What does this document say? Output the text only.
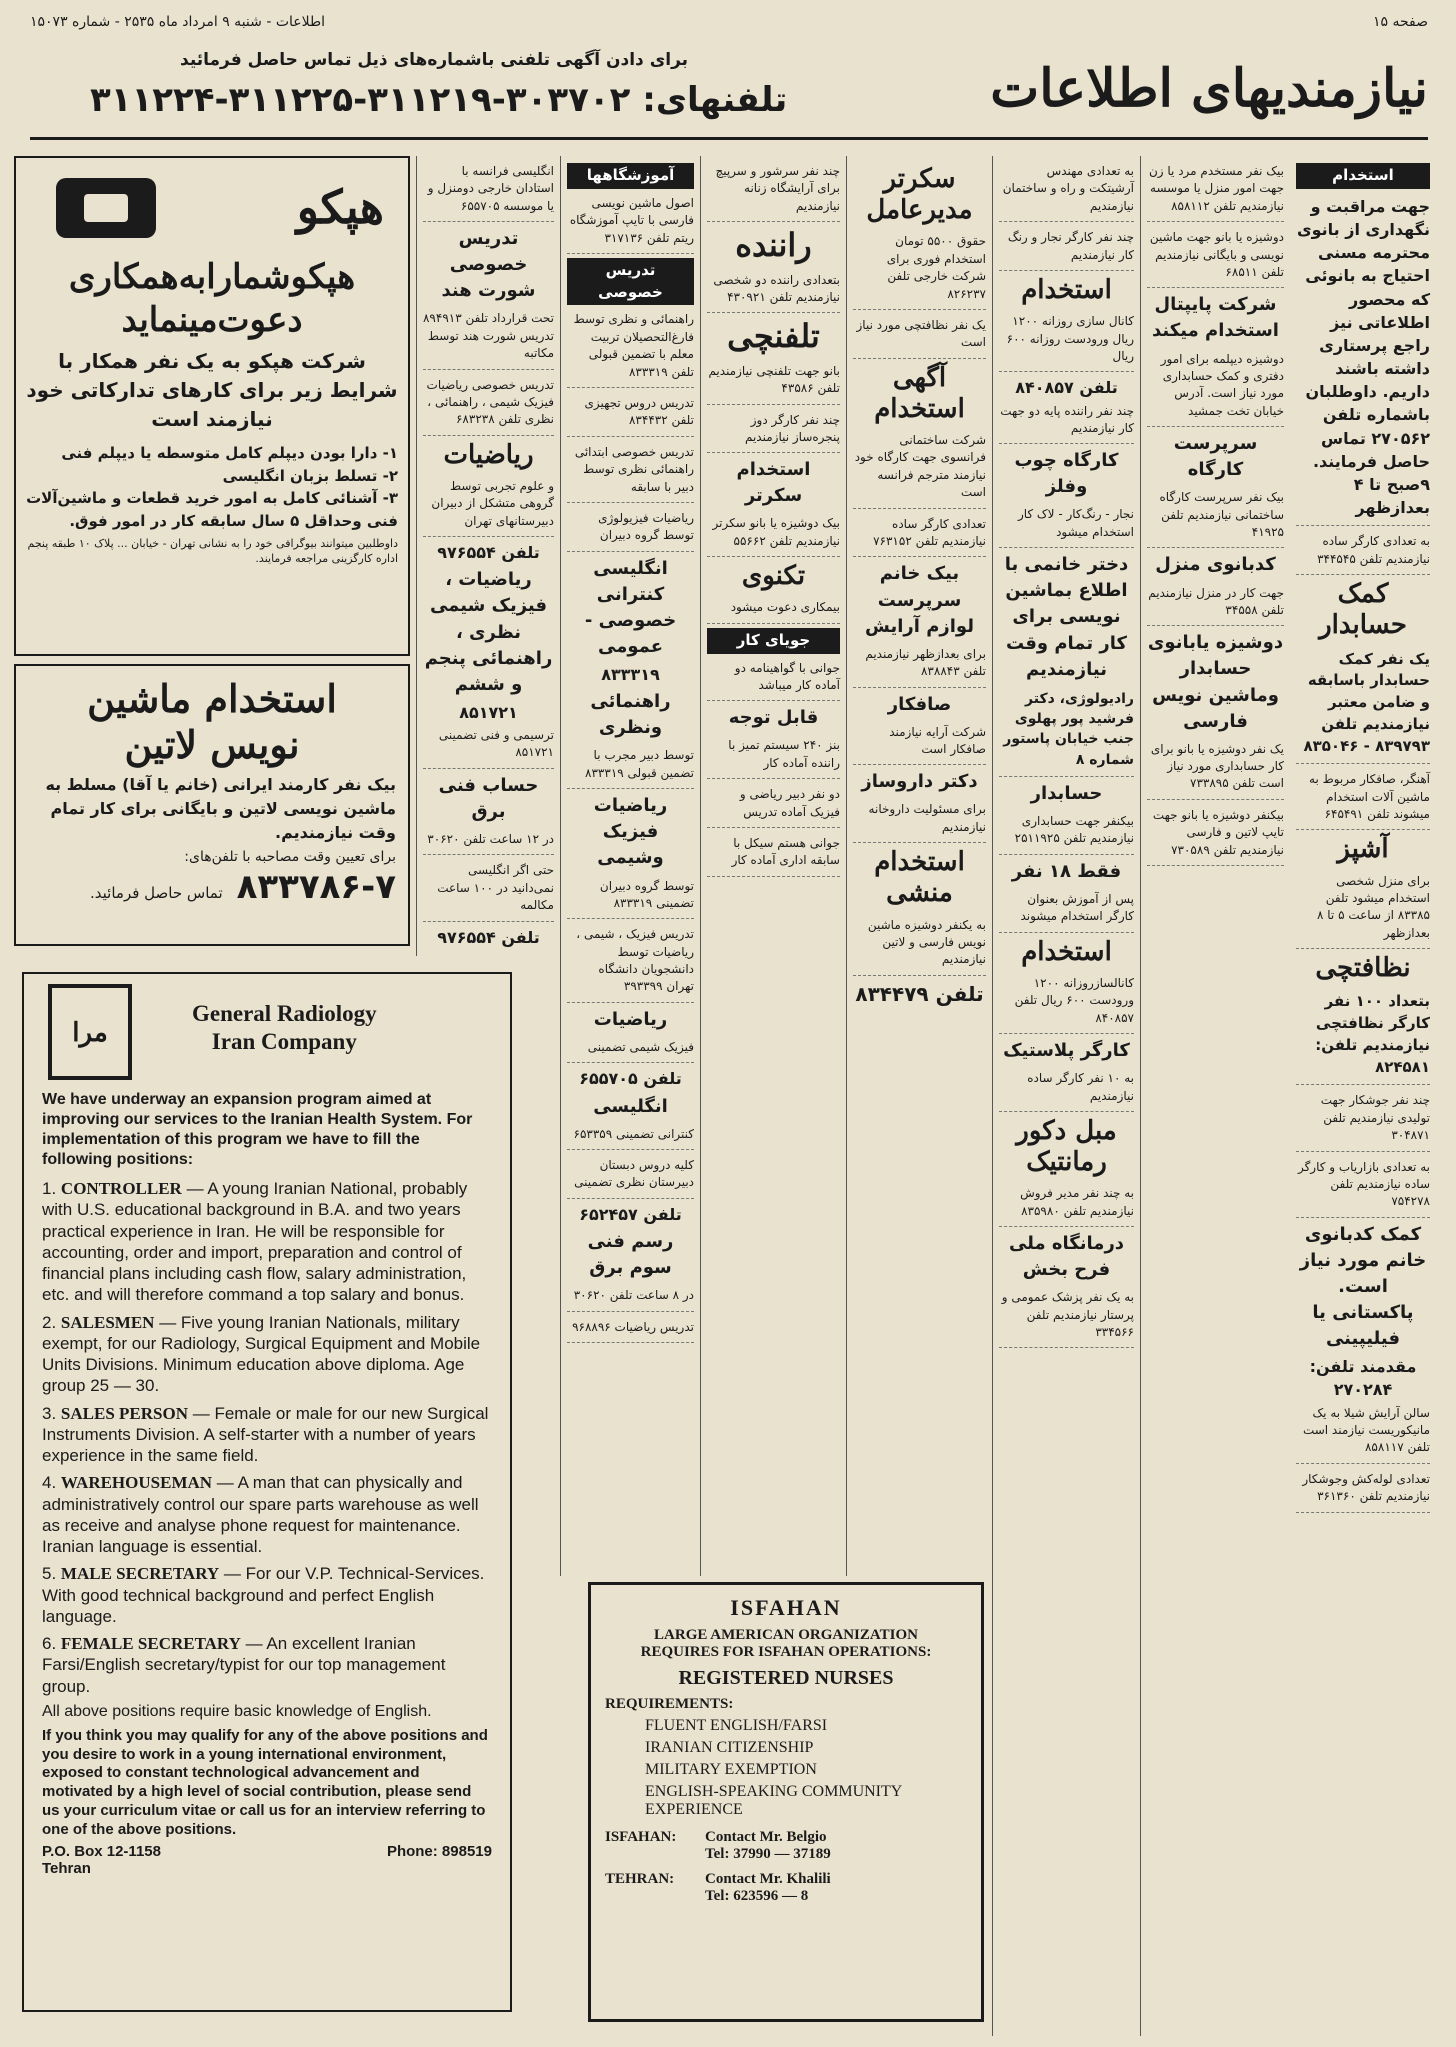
صفحه ۱۵
اطلاعات - شنبه ۹ امرداد ماه ۲۵۳۵ - شماره ۱۵۰۷۳
نیازمندیهای اطلاعات
برای دادن آگهی تلفنی باشماره‌های ذیل تماس حاصل فرمائید
تلفنهای: ۳۰۳۷۰۲-۳۱۱۲۱۹-۳۱۱۲۲۵-۳۱۱۲۲۴
هپکو
هپکوشمارابه‌همکاری
دعوت‌مینماید
شرکت هپکو به یک نفر همکار با شرایط زیر برای کارهای تدارکاتی خود نیازمند است
۱- دارا بودن دیپلم کامل متوسطه یا دیپلم فنی
۲- تسلط بزبان انگلیسی
۳- آشنائی کامل به امور خرید قطعات و ماشین‌آلات فنی وحداقل ۵ سال سابقه کار در امور فوق.
داوطلبین میتوانند بیوگرافی خود را به نشانی تهران - خیابان ... پلاک ۱۰ طبقه پنجم اداره کارگزینی مراجعه فرمایند.
استخدام ماشین
نویس لاتین
بیک نفر کارمند ایرانی (خانم یا آقا) مسلط به ماشین نویسی لاتین و بایگانی برای کار تمام وقت نیازمندیم.
برای تعیین وقت مصاحبه با تلفن‌های:
۸۳۳۷۸۶-۷
تماس حاصل فرمائید.
مرا
General Radiology
Iran Company
We have underway an expansion program aimed at improving our services to the Iranian Health System. For implementation of this program we have to fill the following positions:
1. CONTROLLER — A young Iranian National, probably with U.S. educational background in B.A. and two years practical experience in Iran. He will be responsible for accounting, order and import, preparation and control of financial plans including cash flow, salary administration, etc. and will therefore command a top salary and bonus.
2. SALESMEN — Five young Iranian Nationals, military exempt, for our Radiology, Surgical Equipment and Mobile Units Divisions. Minimum education above diploma. Age group 25 — 30.
3. SALES PERSON — Female or male for our new Surgical Instruments Division. A self-starter with a number of years experience in the same field.
4. WAREHOUSEMAN — A man that can physically and administratively control our spare parts warehouse as well as receive and analyse phone request for maintenance. Iranian language is essential.
5. MALE SECRETARY — For our V.P. Technical-Services. With good technical background and perfect English language.
6. FEMALE SECRETARY — An excellent Iranian Farsi/English secretary/typist for our top management group.
All above positions require basic knowledge of English.
If you think you may qualify for any of the above positions and you desire to work in a young international environment, exposed to constant technological advancement and motivated by a high level of social contribution, please send us your curriculum vitae or call us for an interview referring to one of the above positions.
P.O. Box 12-1158	Phone: 898519
Tehran
ISFAHAN
LARGE AMERICAN ORGANIZATION
REQUIRES FOR ISFAHAN OPERATIONS:
REGISTERED NURSES
REQUIREMENTS:
FLUENT ENGLISH/FARSI
IRANIAN CITIZENSHIP
MILITARY EXEMPTION
ENGLISH-SPEAKING COMMUNITY EXPERIENCE
ISFAHAN:	Contact Mr. Belgio
Tel: 37990 — 37189
TEHRAN:	Contact Mr. Khalili
Tel: 623596 — 8
استخدام
جهت مراقبت و نگهداری از بانوی محترمه مسنی احتیاج به بانوئی که محصور اطلاعاتی نیز راجع پرستاری داشته باشند داریم. داوطلبان باشماره تلفن ۲۷۰۵۶۲ تماس حاصل فرمایند. ۹صبح تا ۴ بعدازظهر
به تعدادی کارگر ساده نیازمندیم تلفن ۳۴۴۵۴۵
کمک حسابدار
یک نفر کمک حسابدار باسابقه و ضامن معتبر نیازمندیم تلفن ۸۳۹۷۹۳ - ۸۳۵۰۴۶
آهنگر، صافکار مربوط به ماشین آلات استخدام میشوند تلفن ۶۴۵۴۹۱
آشپز
برای منزل شخصی استخدام میشود تلفن ۸۳۳۸۵ از ساعت ۵ تا ۸ بعدازظهر
نظافتچی
بتعداد ۱۰۰ نفر کارگر نظافتچی نیازمندیم تلفن: ۸۲۴۵۸۱
چند نفر جوشکار جهت تولیدی نیازمندیم تلفن ۳۰۴۸۷۱
به تعدادی بازاریاب و کارگر ساده نیازمندیم تلفن ۷۵۴۲۷۸
کمک کدبانوی خانم مورد نیاز است. پاکستانی یا فیلیپینی
مقدمند تلفن: ۲۷۰۲۸۴
سالن آرایش شیلا به یک مانیکوریست نیازمند است تلفن ۸۵۸۱۱۷
تعدادی لوله‌کش وجوشکار نیازمندیم تلفن ۳۶۱۳۶۰
بیک نفر مستخدم مرد یا زن جهت امور منزل یا موسسه نیازمندیم تلفن ۸۵۸۱۱۲
دوشیزه یا بانو جهت ماشین نویسی و بایگانی نیازمندیم تلفن ۶۸۵۱۱
شرکت پایپتال استخدام میکند
دوشیزه دیپلمه برای امور دفتری و کمک حسابداری مورد نیاز است. آدرس خیابان تخت جمشید
سرپرست کارگاه
بیک نفر سرپرست کارگاه ساختمانی نیازمندیم تلفن ۴۱۹۲۵
کدبانوی منزل
جهت کار در منزل نیازمندیم تلفن ۳۴۵۵۸
دوشیزه یابانوی حسابدار وماشین نویس فارسی
یک نفر دوشیزه یا بانو برای کار حسابداری مورد نیاز است تلفن ۷۳۳۸۹۵
بیکنفر دوشیزه یا بانو جهت تایپ لاتین و فارسی نیازمندیم تلفن ۷۳۰۵۸۹
به تعدادی مهندس آرشیتکت و راه و ساختمان نیازمندیم
چند نفر کارگر نجار و رنگ کار نیازمندیم
استخدام
کانال سازی روزانه ۱۲۰۰ ریال ورودست روزانه ۶۰۰ ریال
تلفن ۸۴۰۸۵۷
چند نفر راننده پایه دو جهت کار نیازمندیم
کارگاه چوب وفلز
نجار - رنگ‌کار - لاک کار استخدام میشود
دختر خانمی با اطلاع بماشین نویسی برای کار تمام وقت نیازمندیم
رادیولوژی، دکتر فرشید پور پهلوی جنب خیابان پاستور شماره ۸
حسابدار
بیکنفر جهت حسابداری نیازمندیم تلفن ۲۵۱۱۹۲۵
فقط ۱۸ نفر
پس از آموزش بعنوان کارگر استخدام میشوند
استخدام
کانالسازروزانه ۱۲۰۰ ورودست ۶۰۰ ریال تلفن ۸۴۰۸۵۷
کارگر پلاستیک
به ۱۰ نفر کارگر ساده نیازمندیم
مبل دکور رمانتیک
به چند نفر مدیر فروش نیازمندیم تلفن ۸۳۵۹۸۰
درمانگاه ملی فرح بخش
به یک نفر پزشک عمومی و پرستار نیازمندیم تلفن ۳۳۴۵۶۶
سکرتر مدیرعامل
حقوق ۵۵۰۰ تومان استخدام فوری برای شرکت خارجی تلفن ۸۲۶۲۳۷
یک نفر نظافتچی مورد نیاز است
آگهی استخدام
شرکت ساختمانی فرانسوی جهت کارگاه خود نیازمند مترجم فرانسه است
تعدادی کارگر ساده نیازمندیم تلفن ۷۶۳۱۵۲
بیک خانم سرپرست لوازم آرایش
برای بعدازظهر نیازمندیم تلفن ۸۳۸۸۴۳
صافکار
شرکت آرایه نیازمند صافکار است
دکتر داروساز
برای مسئولیت داروخانه نیازمندیم
استخدام منشی
به یکنفر دوشیزه ماشین نویس فارسی و لاتین نیازمندیم
تلفن ۸۳۴۴۷۹
چند نفر سرشور و سرپیچ برای آرایشگاه زنانه نیازمندیم
راننده
بتعدادی راننده دو شخصی نیازمندیم تلفن ۴۳۰۹۲۱
تلفنچی
بانو جهت تلفنچی نیازمندیم تلفن ۴۳۵۸۶
چند نفر کارگر دوز پنجره‌ساز نیازمندیم
استخدام سکرتر
بیک دوشیزه یا بانو سکرتر نیازمندیم تلفن ۵۵۶۶۲
تکنوی
بیمکاری دعوت میشود
جویای کار
جوانی با گواهینامه دو آماده کار میباشد
قابل توجه
بنز ۲۴۰ سیستم تمیز با راننده آماده کار
دو نفر دبیر ریاضی و فیزیک آماده تدریس
جوانی هستم سیکل با سابقه اداری آماده کار
آموزشگاهها
اصول ماشین نویسی فارسی با تایپ آموزشگاه ریتم تلفن ۳۱۷۱۳۶
تدریس خصوصی
راهنمائی و نظری توسط فارغ‌التحصیلان تربیت معلم با تضمین قبولی تلفن ۸۳۳۳۱۹
تدریس دروس تجهیزی تلفن ۸۳۴۴۳۲
تدریس خصوصی ابتدائی راهنمائی نظری توسط دبیر با سابقه
ریاضیات فیزیولوژی توسط گروه دبیران
انگلیسی کنترانی خصوصی - عمومی
۸۳۳۳۱۹
راهنمائی ونظری
توسط دبیر مجرب با تضمین قبولی ۸۳۳۳۱۹
ریاضیات فیزیک وشیمی
توسط گروه دبیران تضمینی ۸۳۳۳۱۹
تدریس فیزیک ، شیمی ، ریاضیات توسط دانشجویان دانشگاه تهران ۳۹۳۳۹۹
ریاضیات
فیزیک شیمی تضمینی
تلفن ۶۵۵۷۰۵
انگلیسی
کنترانی تضمینی ۶۵۳۳۵۹
کلیه دروس دبستان دبیرستان نظری تضمینی
تلفن ۶۵۲۴۵۷
رسم فنی سوم برق
در ۸ ساعت تلفن ۳۰۶۲۰
تدریس ریاضیات ۹۶۸۸۹۶
انگلیسی فرانسه با استادان خارجی دومنزل و یا موسسه ۶۵۵۷۰۵
تدریس خصوصی شورت هند
تحت قرارداد تلفن ۸۹۴۹۱۳ تدریس شورت هند توسط مکاتبه
تدریس خصوصی ریاضیات فیزیک شیمی ، راهنمائی ، نظری تلفن ۶۸۳۲۳۸
ریاضیات
و علوم تجربی توسط گروهی متشکل از دبیران دبیرستانهای تهران
تلفن ۹۷۶۵۵۴
ریاضیات ، فیزیک شیمی نظری ، راهنمائی پنجم و ششم
۸۵۱۷۲۱
ترسیمی و فنی تضمینی ۸۵۱۷۲۱
حساب فنی برق
در ۱۲ ساعت تلفن ۳۰۶۲۰
حتی اگر انگلیسی نمی‌دانید در ۱۰۰ ساعت مکالمه
تلفن ۹۷۶۵۵۴
